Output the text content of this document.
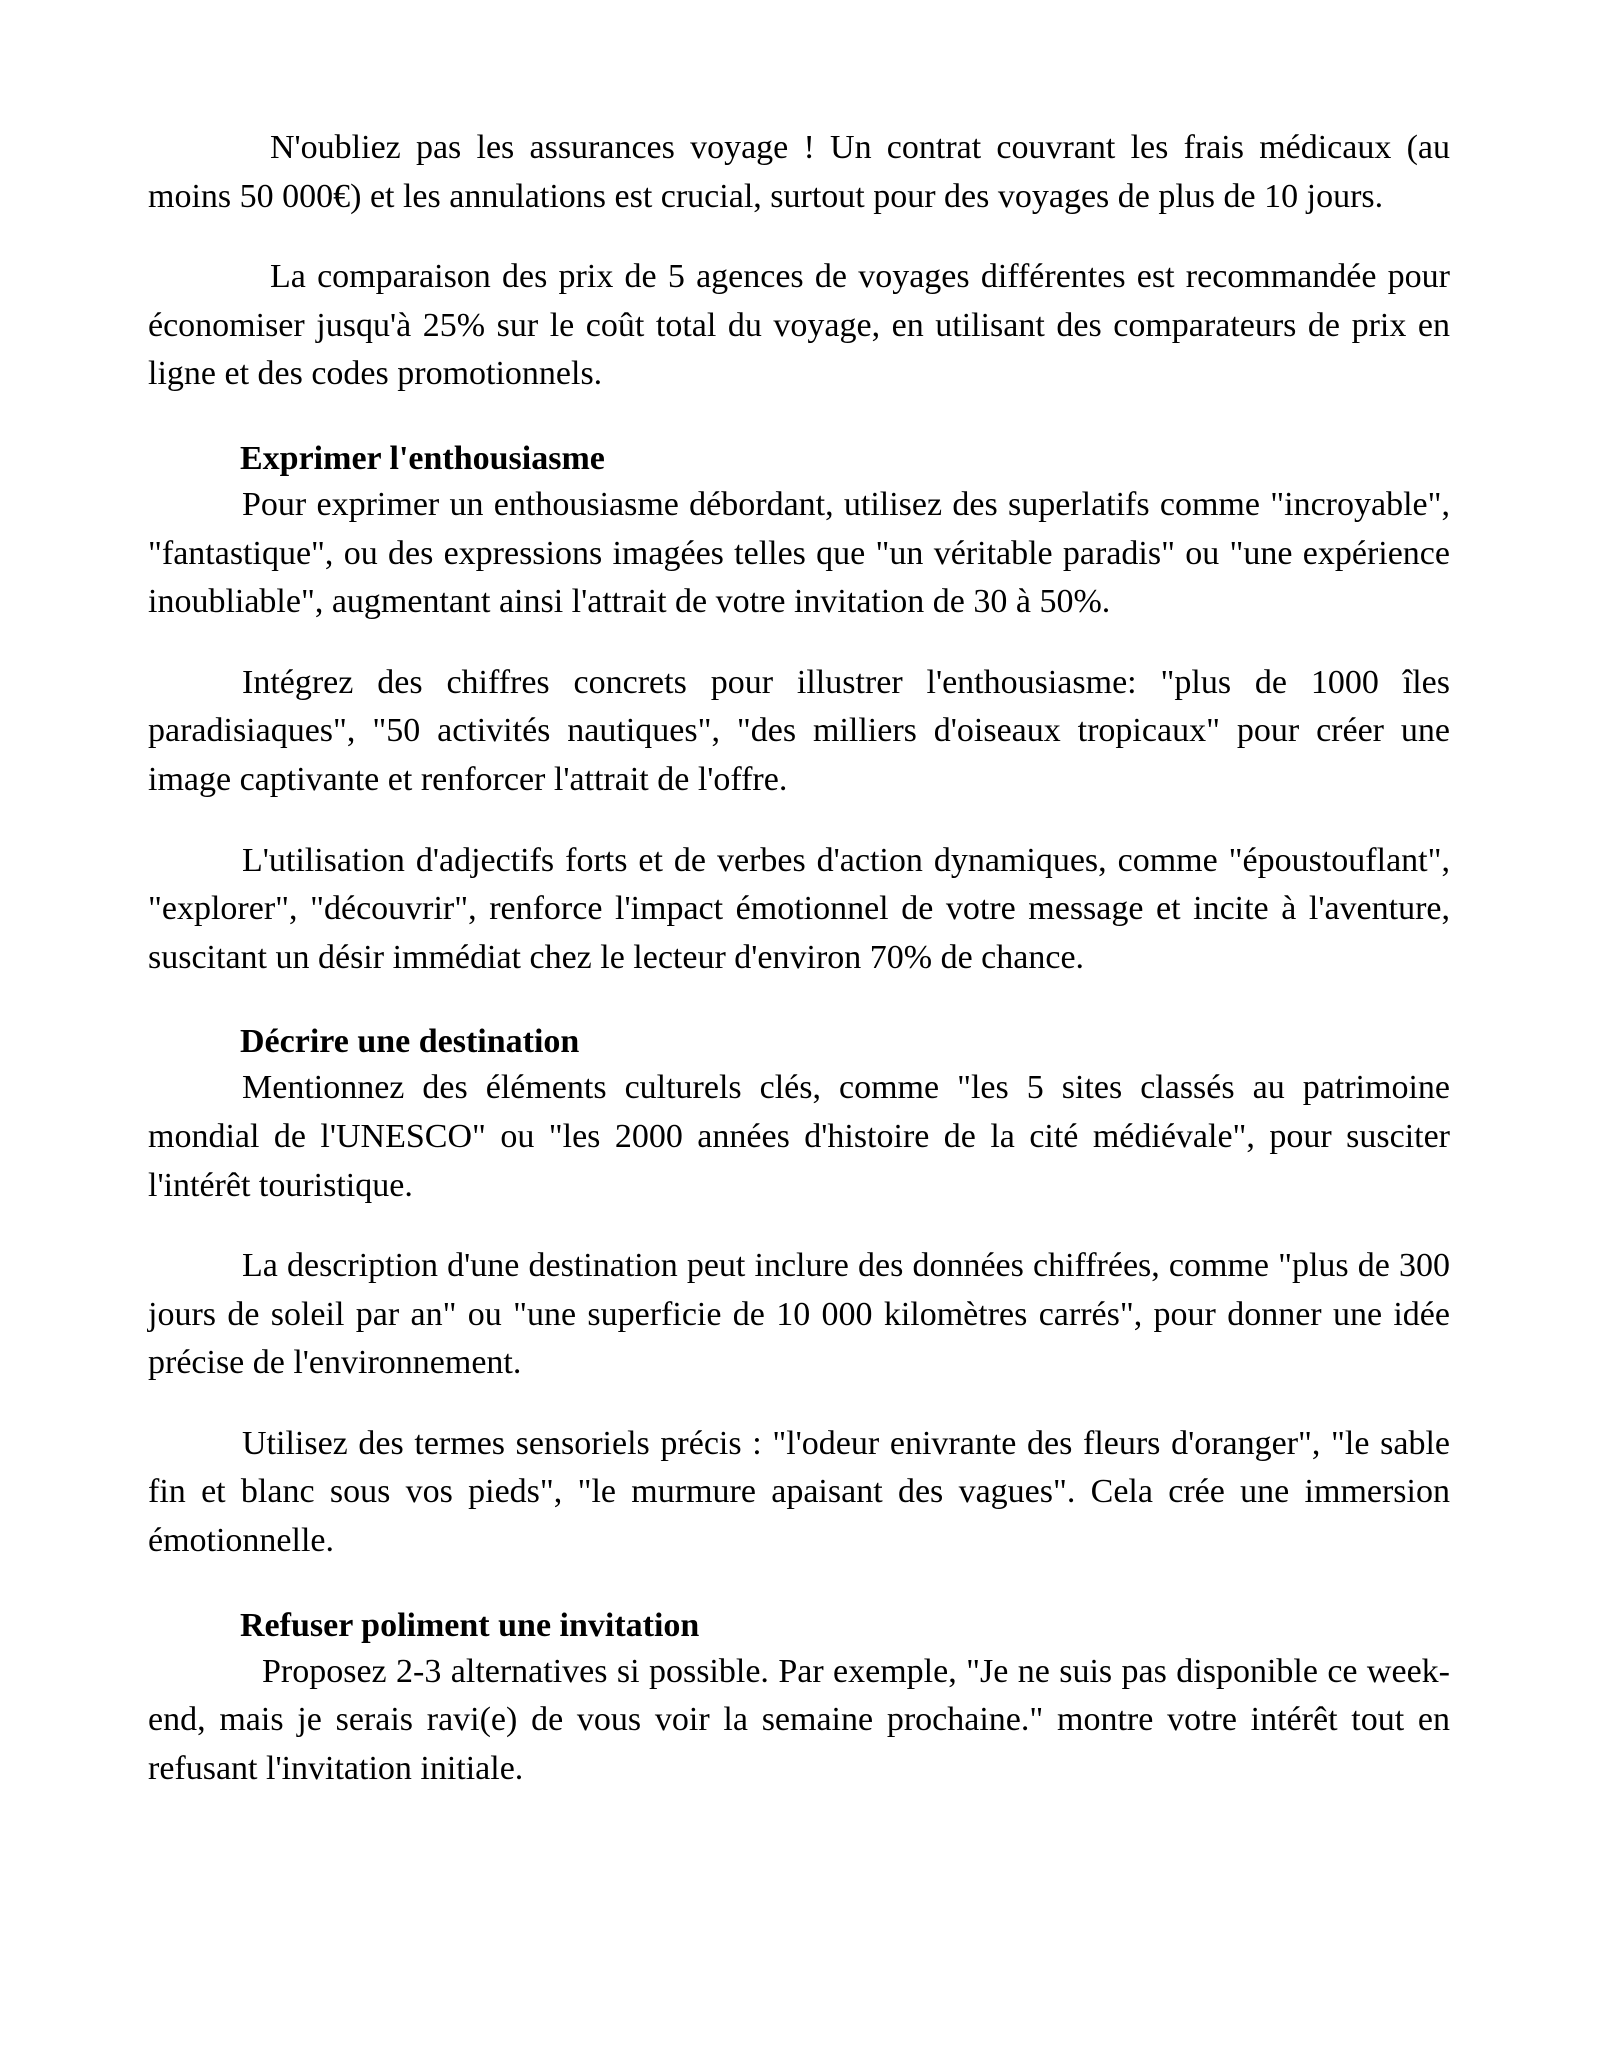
N'oubliez pas les assurances voyage ! Un contrat couvrant les frais médicaux (au moins 50 000€) et les annulations est crucial, surtout pour des voyages de plus de 10 jours.

La comparaison des prix de 5 agences de voyages différentes est recommandée pour économiser jusqu'à 25% sur le coût total du voyage, en utilisant des comparateurs de prix en ligne et des codes promotionnels.

Exprimer l'enthousiasme

Pour exprimer un enthousiasme débordant, utilisez des superlatifs comme "incroyable", "fantastique", ou des expressions imagées telles que "un véritable paradis" ou "une expérience inoubliable", augmentant ainsi l'attrait de votre invitation de 30 à 50%.

Intégrez des chiffres concrets pour illustrer l'enthousiasme: "plus de 1000 îles paradisiaques", "50 activités nautiques", "des milliers d'oiseaux tropicaux" pour créer une image captivante et renforcer l'attrait de l'offre.

L'utilisation d'adjectifs forts et de verbes d'action dynamiques, comme "époustouflant", "explorer", "découvrir", renforce l'impact émotionnel de votre message et incite à l'aventure, suscitant un désir immédiat chez le lecteur d'environ 70% de chance.

Décrire une destination

Mentionnez des éléments culturels clés, comme "les 5 sites classés au patrimoine mondial de l'UNESCO" ou "les 2000 années d'histoire de la cité médiévale", pour susciter l'intérêt touristique.

La description d'une destination peut inclure des données chiffrées, comme "plus de 300 jours de soleil par an" ou "une superficie de 10 000 kilomètres carrés", pour donner une idée précise de l'environnement.

Utilisez des termes sensoriels précis : "l'odeur enivrante des fleurs d'oranger", "le sable fin et blanc sous vos pieds", "le murmure apaisant des vagues". Cela crée une immersion émotionnelle.

Refuser poliment une invitation

Proposez 2-3 alternatives si possible. Par exemple, "Je ne suis pas disponible ce week-end, mais je serais ravi(e) de vous voir la semaine prochaine." montre votre intérêt tout en refusant l'invitation initiale.
